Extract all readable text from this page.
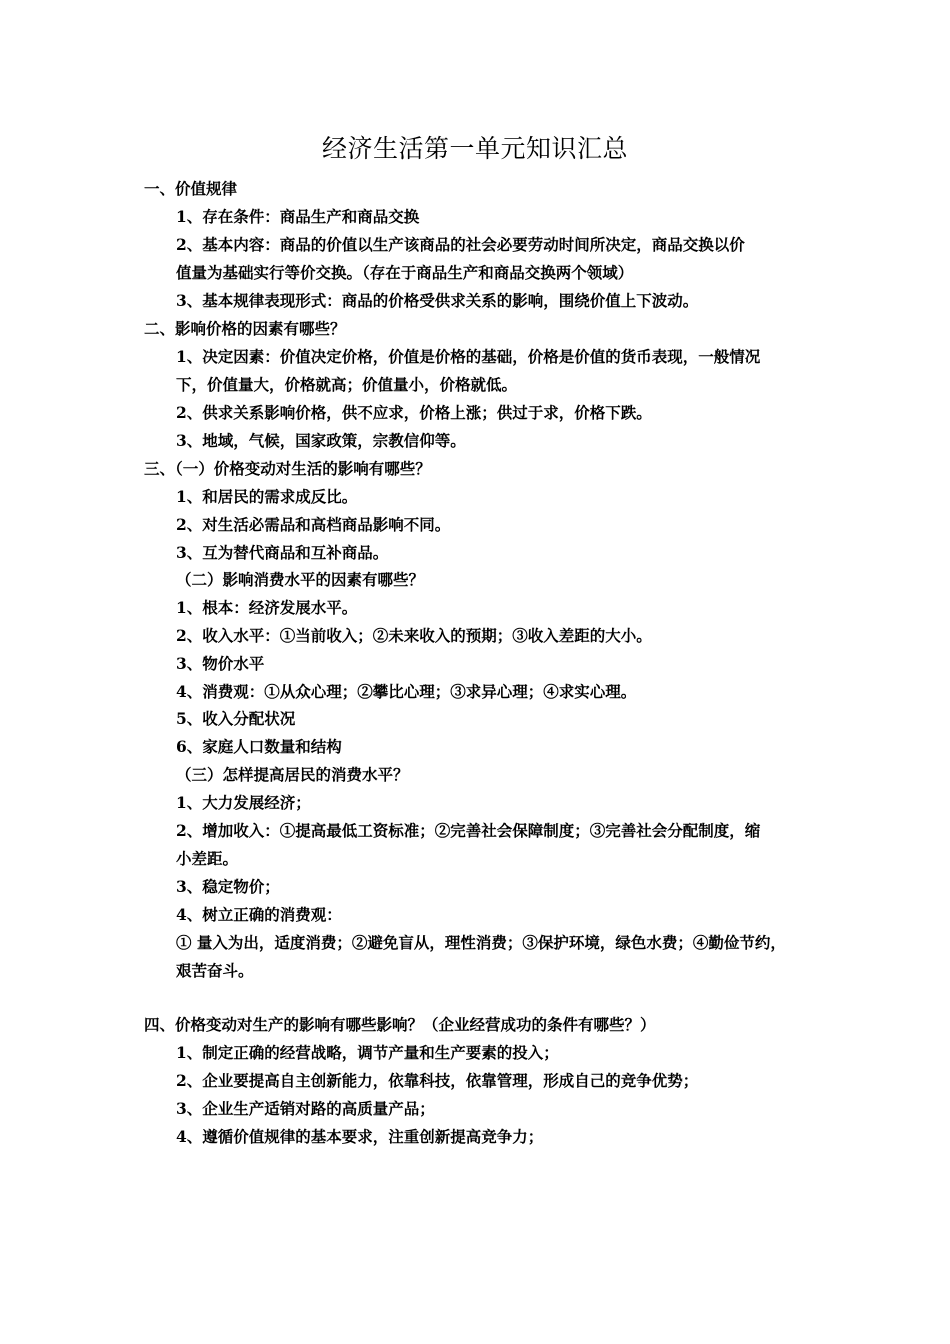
经济生活第一单元知识汇总
一、价值规律
1、存在条件：商品生产和商品交换
2、基本内容：商品的价值以生产该商品的社会必要劳动时间所决定，商品交换以价
值量为基础实行等价交换。（存在于商品生产和商品交换两个领域）
3、基本规律表现形式：商品的价格受供求关系的影响，围绕价值上下波动。
二、影响价格的因素有哪些？
1、决定因素：价值决定价格，价值是价格的基础，价格是价值的货币表现，一般情况
下，价值量大，价格就高；价值量小，价格就低。
2、供求关系影响价格，供不应求，价格上涨；供过于求，价格下跌。
3、地域，气候，国家政策，宗教信仰等。
三、（一）价格变动对生活的影响有哪些？
1、和居民的需求成反比。
2、对生活必需品和高档商品影响不同。
3、互为替代商品和互补商品。
（二）影响消费水平的因素有哪些？
1、根本：经济发展水平。
2、收入水平：①当前收入；②未来收入的预期；③收入差距的大小。
3、物价水平
4、消费观：①从众心理；②攀比心理；③求异心理；④求实心理。
5、收入分配状况
6、家庭人口数量和结构
（三）怎样提高居民的消费水平？
1、大力发展经济；
2、增加收入：①提高最低工资标准；②完善社会保障制度；③完善社会分配制度，缩
小差距。
3、稳定物价；
4、树立正确的消费观：
① 量入为出，适度消费；②避免盲从，理性消费；③保护环境，绿色水费；④勤俭节约，
艰苦奋斗。
四、价格变动对生产的影响有哪些影响？（企业经营成功的条件有哪些？）
1、制定正确的经营战略，调节产量和生产要素的投入；
2、企业要提高自主创新能力，依靠科技，依靠管理，形成自己的竞争优势；
3、企业生产适销对路的高质量产品；
4、遵循价值规律的基本要求，注重创新提高竞争力；
